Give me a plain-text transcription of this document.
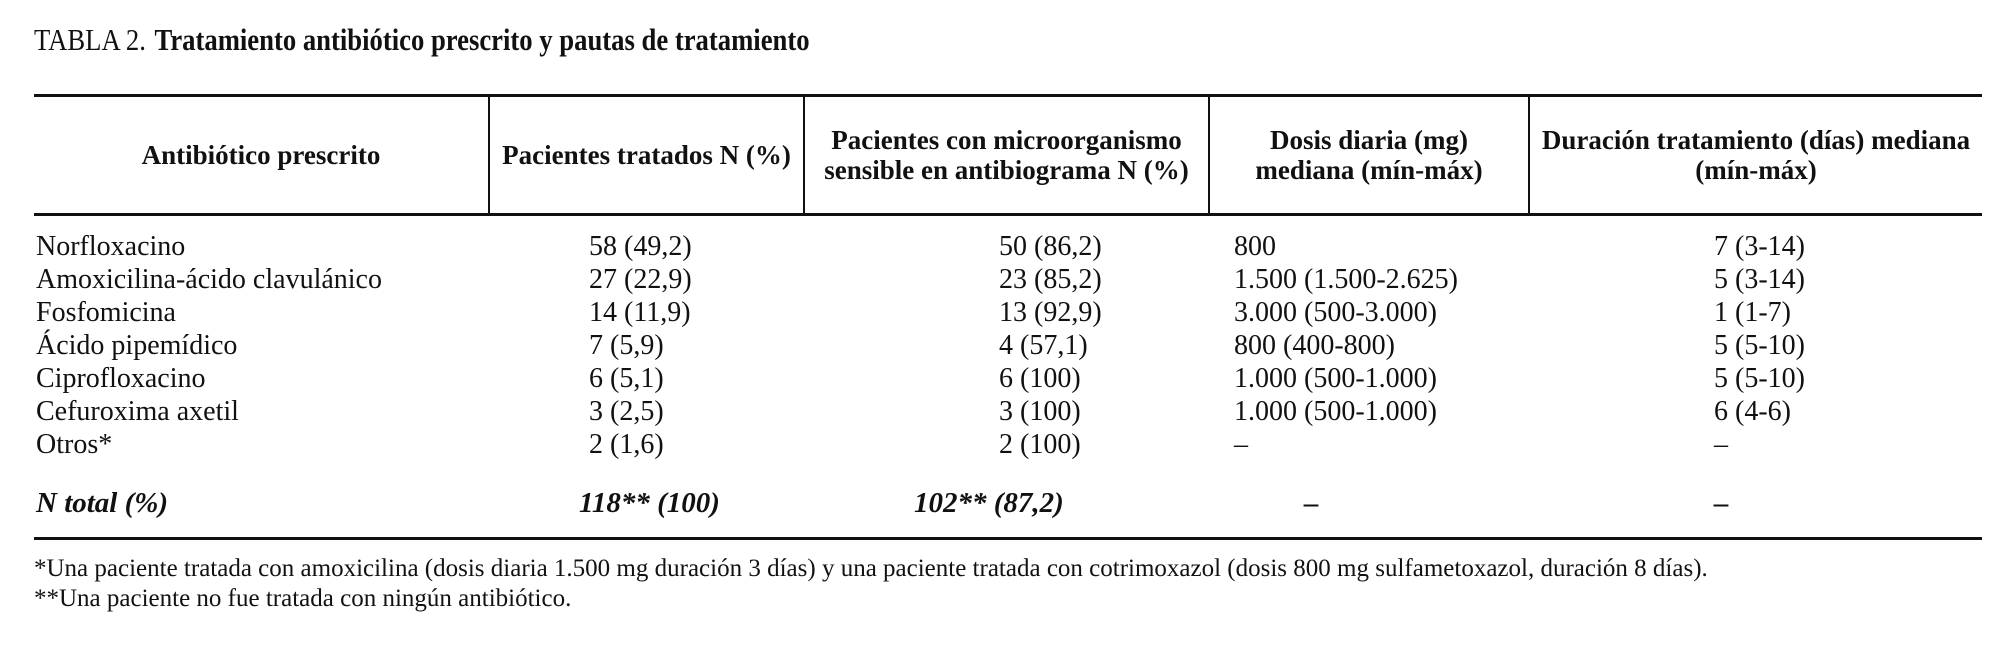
TABLA 2. Tratamiento antibiótico prescrito y pautas de tratamiento
Antibiótico prescrito	Pacientes tratados N (%)	Pacientes con microorganismo sensible en antibiograma N (%)	Dosis diaria (mg) mediana (mín-máx)	Duración tratamiento (días) mediana (mín-máx)
Norfloxacino	58 (49,2)	50 (86,2)	800	7 (3-14)
Amoxicilina-ácido clavulánico	27 (22,9)	23 (85,2)	1.500 (1.500-2.625)	5 (3-14)
Fosfomicina	14 (11,9)	13 (92,9)	3.000 (500-3.000)	1 (1-7)
Ácido pipemídico	7 (5,9)	4 (57,1)	800 (400-800)	5 (5-10)
Ciprofloxacino	6 (5,1)	6 (100)	1.000 (500-1.000)	5 (5-10)
Cefuroxima axetil	3 (2,5)	3 (100)	1.000 (500-1.000)	6 (4-6)
Otros*	2 (1,6)	2 (100)	–	–
N total (%)	118** (100)	102** (87,2)	–	–

*Una paciente tratada con amoxicilina (dosis diaria 1.500 mg duración 3 días) y una paciente tratada con cotrimoxazol (dosis 800 mg sulfametoxazol, duración 8 días).

**Una paciente no fue tratada con ningún antibiótico.
